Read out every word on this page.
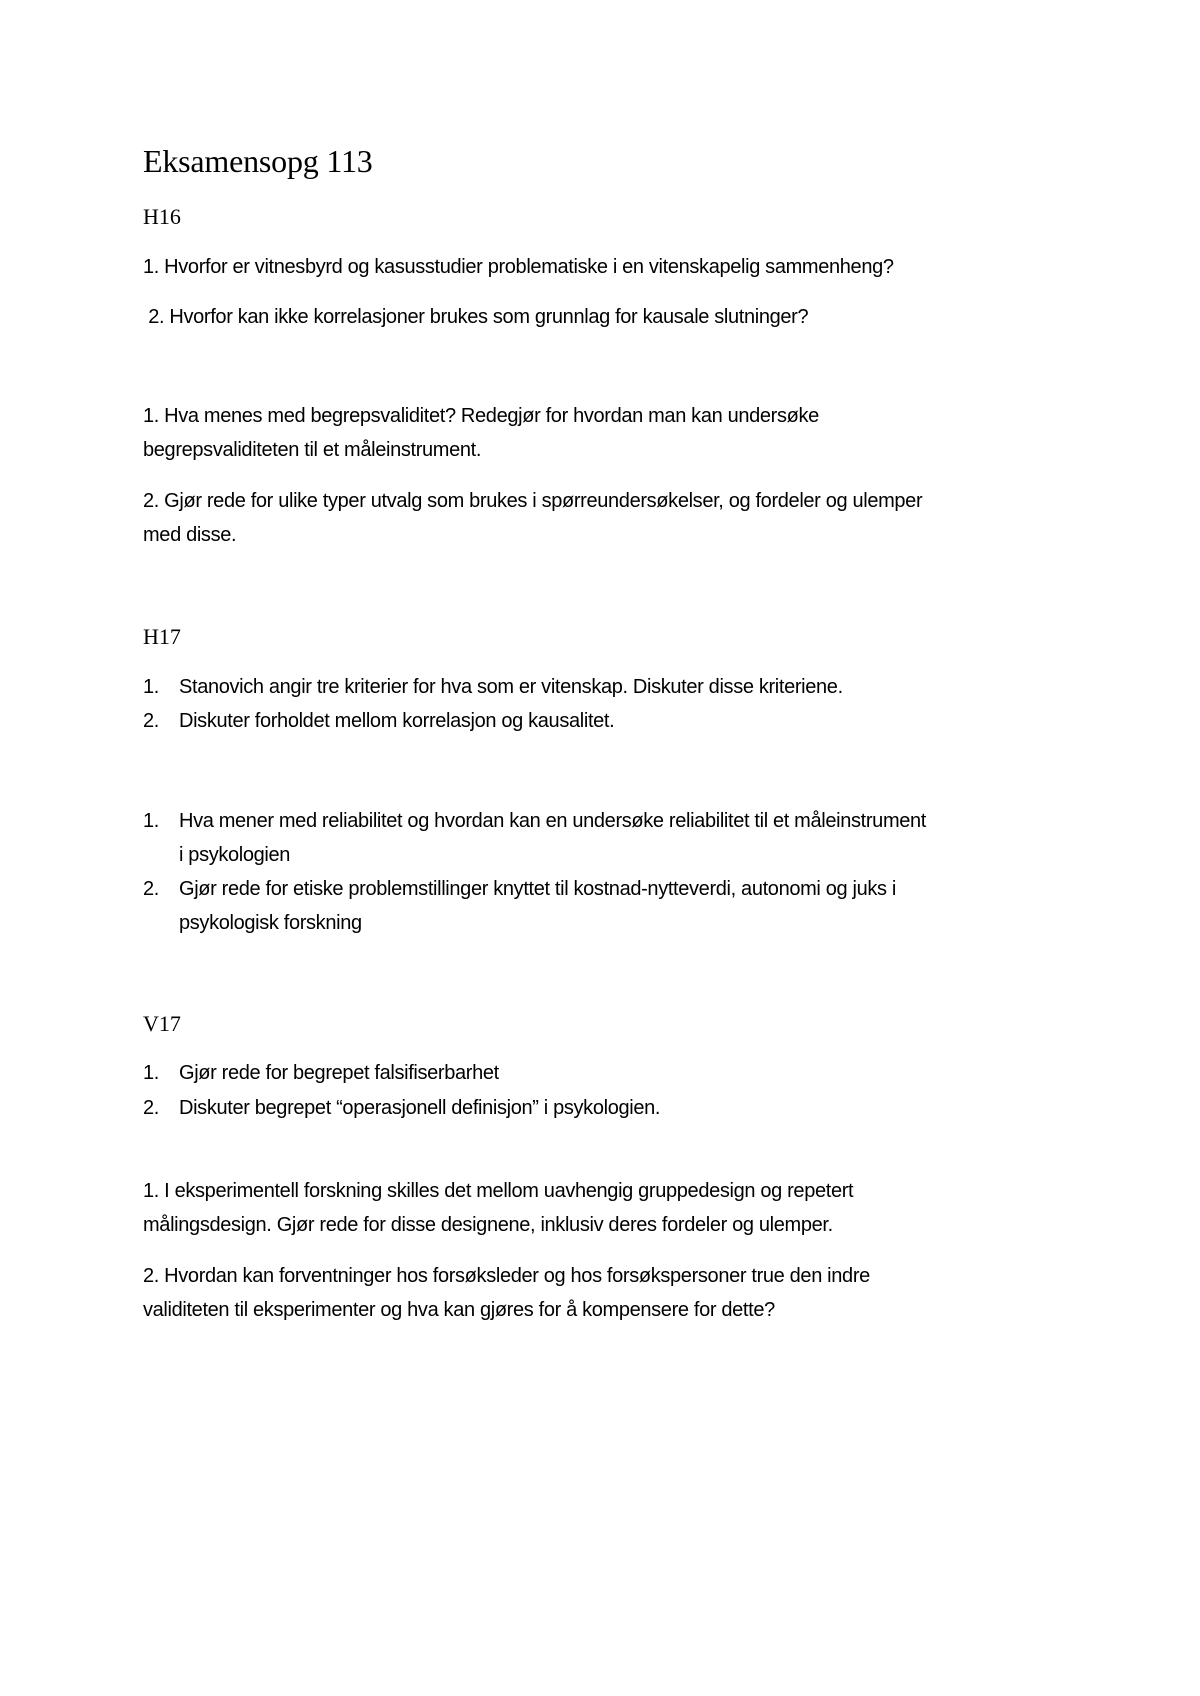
Eksamensopg 113
H16
1. Hvorfor er vitnesbyrd og kasusstudier problematiske i en vitenskapelig sammenheng?
2. Hvorfor kan ikke korrelasjoner brukes som grunnlag for kausale slutninger?
1. Hva menes med begrepsvaliditet? Redegjør for hvordan man kan undersøke
begrepsvaliditeten til et måleinstrument.
2. Gjør rede for ulike typer utvalg som brukes i spørreundersøkelser, og fordeler og ulemper
med disse.
H17
1. Stanovich angir tre kriterier for hva som er vitenskap. Diskuter disse kriteriene.
2. Diskuter forholdet mellom korrelasjon og kausalitet.
1. Hva mener med reliabilitet og hvordan kan en undersøke reliabilitet til et måleinstrument
i psykologien
2. Gjør rede for etiske problemstillinger knyttet til kostnad-nytteverdi, autonomi og juks i
psykologisk forskning
V17
1. Gjør rede for begrepet falsifiserbarhet
2. Diskuter begrepet “operasjonell definisjon” i psykologien.
1. I eksperimentell forskning skilles det mellom uavhengig gruppedesign og repetert
målingsdesign. Gjør rede for disse designene, inklusiv deres fordeler og ulemper.
2. Hvordan kan forventninger hos forsøksleder og hos forsøkspersoner true den indre
validiteten til eksperimenter og hva kan gjøres for å kompensere for dette?
